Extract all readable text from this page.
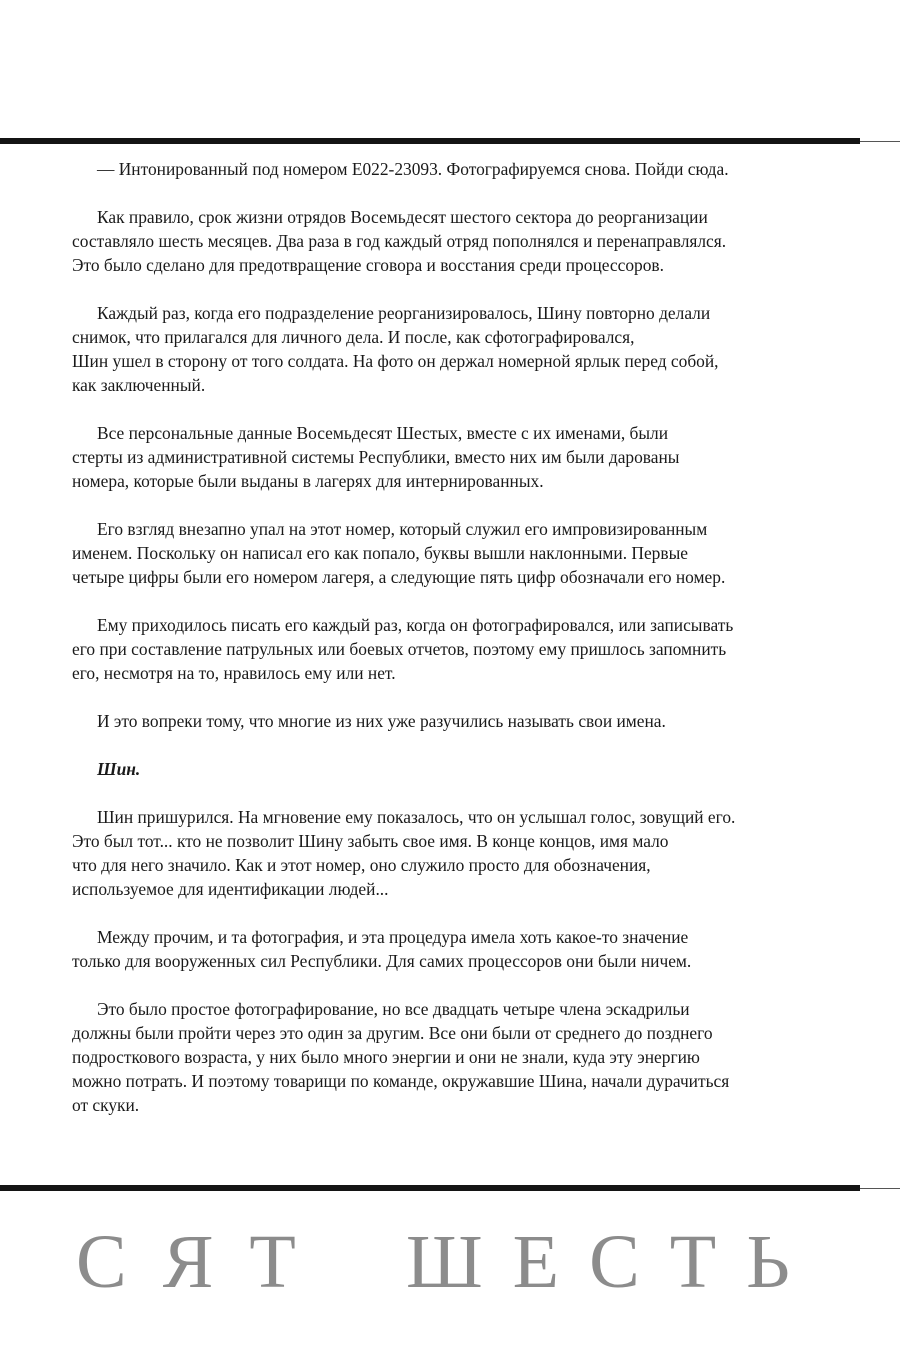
— Интонированный под номером E022-23093. Фотографируемся снова. Пойди сюда.

Как правило, срок жизни отрядов Восемьдесят шестого сектора до реорганизации
составляло шесть месяцев. Два раза в год каждый отряд пополнялся и перенаправлялся.
Это было сделано для предотвращение сговора и восстания среди процессоров.

Каждый раз, когда его подразделение реорганизировалось, Шину повторно делали
снимок, что прилагался для личного дела. И после, как сфотографировался,
Шин ушел в сторону от того солдата. На фото он держал номерной ярлык перед собой,
как заключенный.

Все персональные данные Восемьдесят Шестых, вместе с их именами, были
стерты из административной системы Республики, вместо них им были дарованы
номера, которые были выданы в лагерях для интернированных.

Его взгляд внезапно упал на этот номер, который служил его импровизированным
именем. Поскольку он написал его как попало, буквы вышли наклонными. Первые
четыре цифры были его номером лагеря, а следующие пять цифр обозначали его номер.

Ему приходилось писать его каждый раз, когда он фотографировался, или записывать
его при составление патрульных или боевых отчетов, поэтому ему пришлось запомнить
его, несмотря на то, нравилось ему или нет.

И это вопреки тому, что многие из них уже разучились называть свои имена.

Шин.

Шин пришурился. На мгновение ему показалось, что он услышал голос, зовущий его.
Это был тот... кто не позволит Шину забыть свое имя. В конце концов, имя мало
что для него значило. Как и этот номер, оно служило просто для обозначения,
используемое для идентификации людей...

Между прочим, и та фотография, и эта процедура имела хоть какое-то значение
только для вооруженных сил Республики. Для самих процессоров они были ничем.

Это было простое фотографирование, но все двадцать четыре члена эскадрильи
должны были пройти через это один за другим. Все они были от среднего до позднего
подросткового возраста, у них было много энергии и они не знали, куда эту энергию
можно потрать. И поэтому товарищи по команде, окружавшие Шина, начали дурачиться
от скуки.

СЯТ ШЕСТЬ
